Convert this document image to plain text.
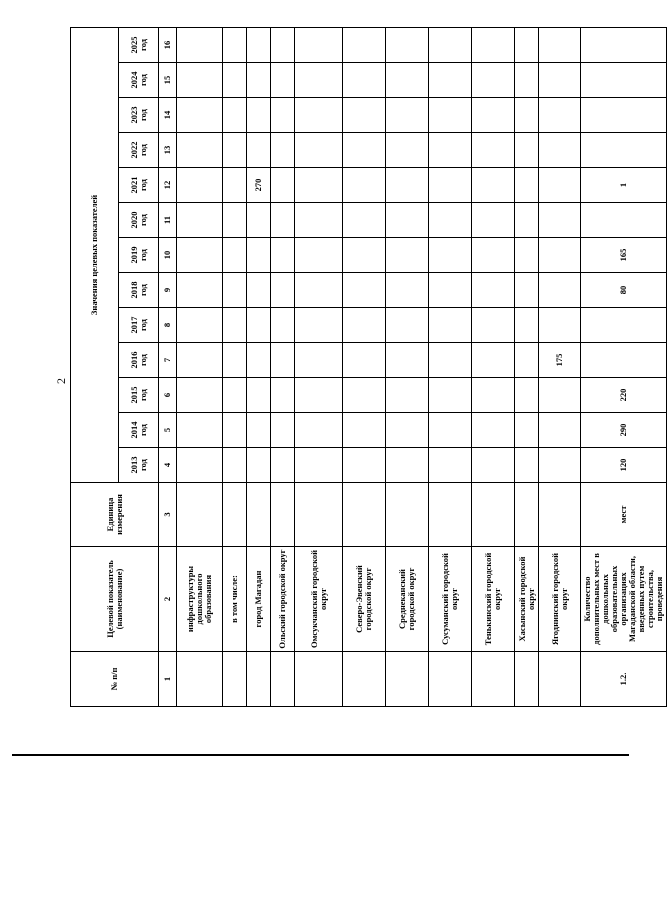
2
№ п/п	Целевой показатель (наименование)	Единица измерения	Значения целевых показателей												
			2013 год	2014 год	2015 год	2016 год	2017 год	2018 год	2019 год	2020 год	2021 год	2022 год	2023 год	2024 год	2025 год
1	2	3	4	5	6	7	8	9	10	11	12	13	14	15	16
	инфраструктуры дошкольного образования														
	в том числе:														
	город Магадан										270				
	Ольский городской округ														
	Омсукчанский городской округ														
	Северо-Эвенский городской округ														
	Среднеканский городской округ														
	Сусуманский городской округ														
	Тенькинский городской округ														
	Хасынский городской округ														
	Ягоднинский городской округ					175									
1.2.	Количество дополнительных мест в дошкольных образовательных организациях Магаданской области, введенных путем строительства, проведения	мест	120	290	220			80	165		1				
